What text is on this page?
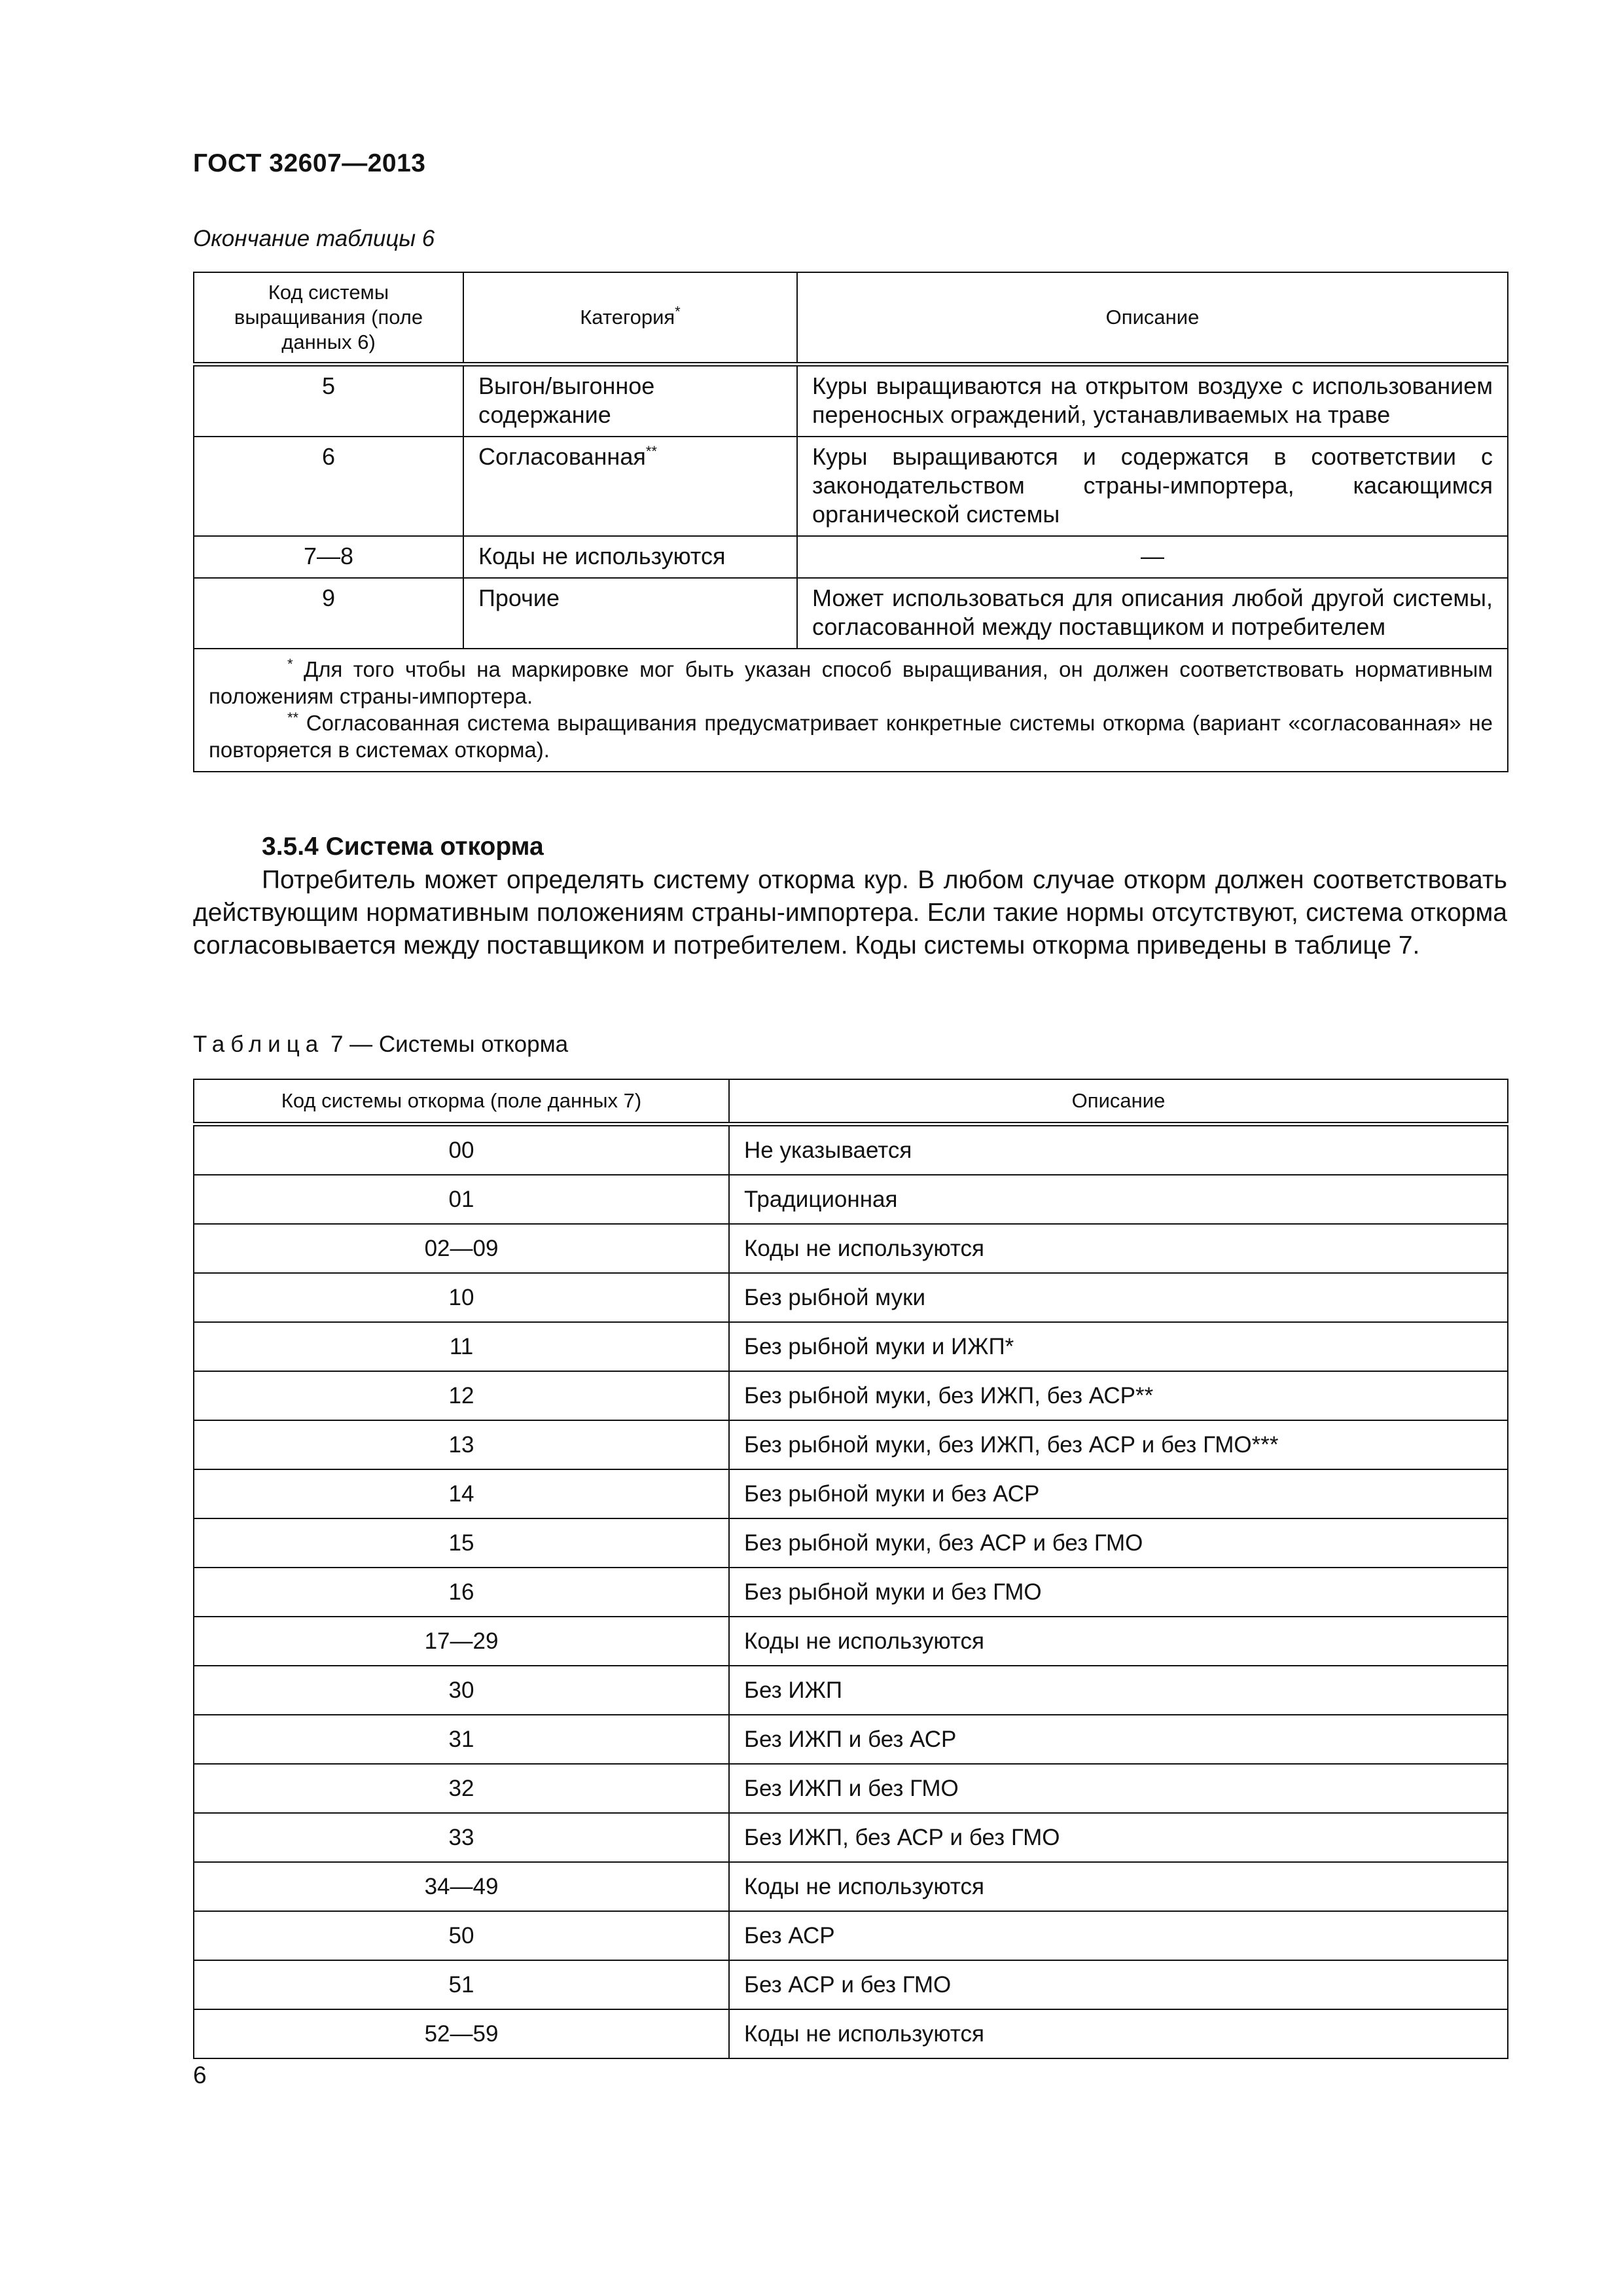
ГОСТ 32607—2013
Окончание таблицы 6
Код системы выращивания (поле данных 6)	Категория*	Описание
5	Выгон/выгонное содержание	Куры выращиваются на открытом воздухе с использованием переносных ограждений, устанавливаемых на траве
6	Согласованная**	Куры выращиваются и содержатся в соответствии с законодательством страны-импортера, касающимся органической системы
7—8	Коды не используются	—
9	Прочие	Может использоваться для описания любой другой системы, согласованной между поставщиком и потребителем

* Для того чтобы на маркировке мог быть указан способ выращивания, он должен соответствовать нормативным положениям страны-импортера.
** Согласованная система выращивания предусматривает конкретные системы откорма (вариант «согласованная» не повторяется в системах откорма).		
3.5.4 Система откорма
Потребитель может определять систему откорма кур. В любом случае откорм должен соответствовать действующим нормативным положениям страны-импортера. Если такие нормы отсутствуют, система откорма согласовывается между поставщиком и потребителем. Коды системы откорма приведены в таблице 7.
Таблица 7 — Системы откорма
Код системы откорма (поле данных 7)	Описание
00	Не указывается
01	Традиционная
02—09	Коды не используются
10	Без рыбной муки
11	Без рыбной муки и ИЖП*
12	Без рыбной муки, без ИЖП, без АСР**
13	Без рыбной муки, без ИЖП, без АСР и без ГМО***
14	Без рыбной муки и без АСР
15	Без рыбной муки, без АСР и без ГМО
16	Без рыбной муки и без ГМО
17—29	Коды не используются
30	Без ИЖП
31	Без ИЖП и без АСР
32	Без ИЖП и без ГМО
33	Без ИЖП, без АСР и без ГМО
34—49	Коды не используются
50	Без АСР
51	Без АСР и без ГМО
52—59	Коды не используются
6
